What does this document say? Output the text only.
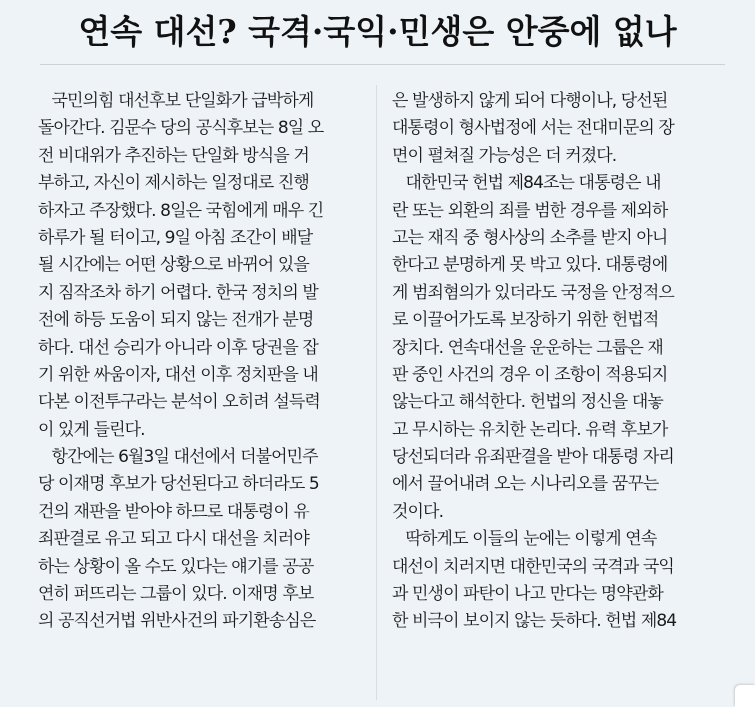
연속 대선? 국격·국익·민생은 안중에 없나
국민의힘 대선후보 단일화가 급박하게
돌아간다. 김문수 당의 공식후보는 8일 오
전 비대위가 추진하는 단일화 방식을 거
부하고, 자신이 제시하는 일정대로 진행
하자고 주장했다. 8일은 국힘에게 매우 긴
하루가 될 터이고, 9일 아침 조간이 배달
될 시간에는 어떤 상황으로 바뀌어 있을
지 짐작조차 하기 어렵다. 한국 정치의 발
전에 하등 도움이 되지 않는 전개가 분명
하다. 대선 승리가 아니라 이후 당권을 잡
기 위한 싸움이자, 대선 이후 정치판을 내
다본 이전투구라는 분석이 오히려 설득력
이 있게 들린다.
항간에는 6월3일 대선에서 더불어민주
당 이재명 후보가 당선된다고 하더라도 5
건의 재판을 받아야 하므로 대통령이 유
죄판결로 유고 되고 다시 대선을 치러야
하는 상황이 올 수도 있다는 얘기를 공공
연히 퍼뜨리는 그룹이 있다. 이재명 후보
의 공직선거법 위반사건의 파기환송심은
은 발생하지 않게 되어 다행이나, 당선된
대통령이 형사법정에 서는 전대미문의 장
면이 펼쳐질 가능성은 더 커졌다.
대한민국 헌법 제84조는 대통령은 내
란 또는 외환의 죄를 범한 경우를 제외하
고는 재직 중 형사상의 소추를 받지 아니
한다고 분명하게 못 박고 있다. 대통령에
게 범죄혐의가 있더라도 국정을 안정적으
로 이끌어가도록 보장하기 위한 헌법적
장치다. 연속대선을 운운하는 그룹은 재
판 중인 사건의 경우 이 조항이 적용되지
않는다고 해석한다. 헌법의 정신을 대놓
고 무시하는 유치한 논리다. 유력 후보가
당선되더라 유죄판결을 받아 대통령 자리
에서 끌어내려 오는 시나리오를 꿈꾸는
것이다.
딱하게도 이들의 눈에는 이렇게 연속
대선이 치러지면 대한민국의 국격과 국익
과 민생이 파탄이 나고 만다는 명약관화
한 비극이 보이지 않는 듯하다. 헌법 제84
